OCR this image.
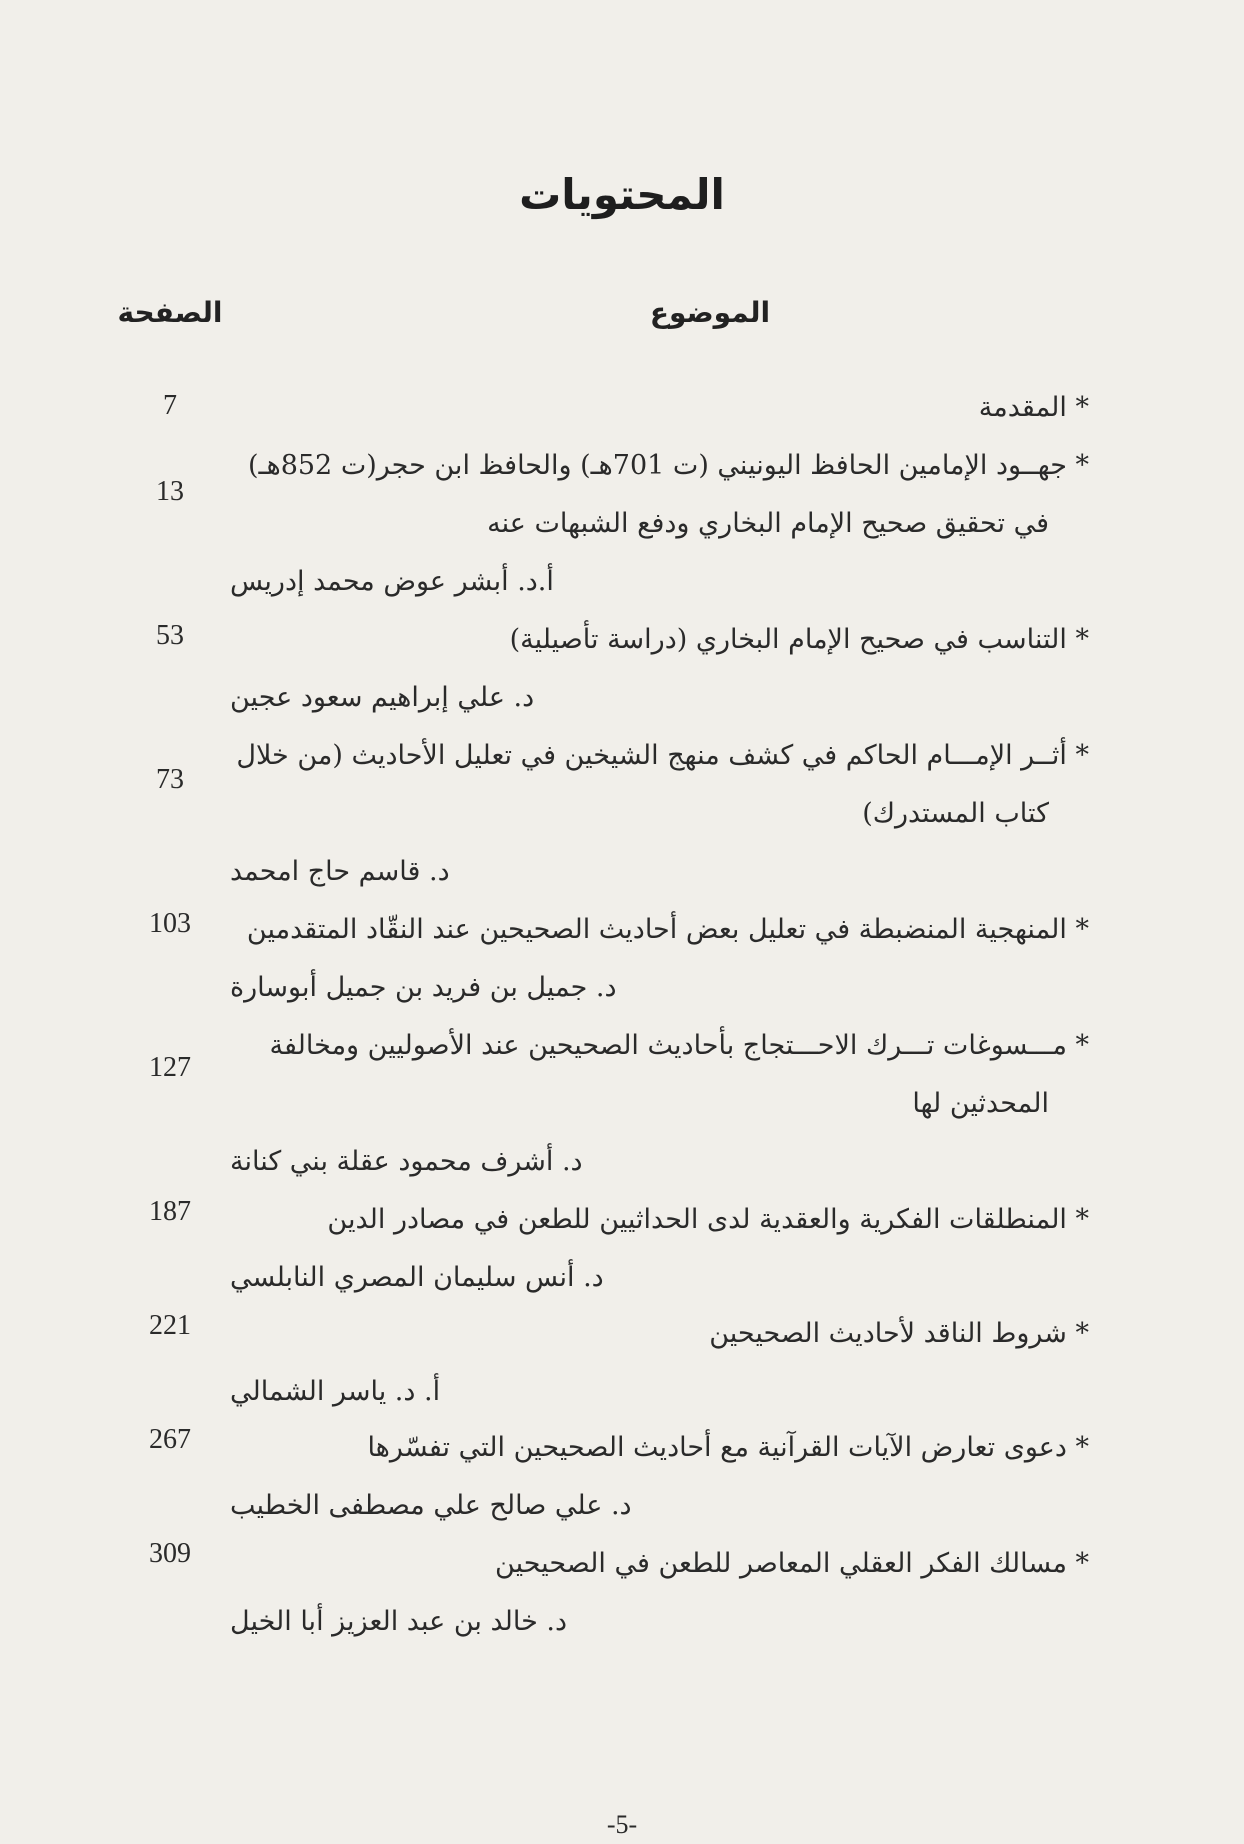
المحتويات
الموضوع
الصفحة
* المقدمة
7
* جهــود الإمامين الحافظ اليونيني (ت 701هـ) والحافظ ابن حجر(ت 852هـ)
في تحقيق صحيح الإمام البخاري ودفع الشبهات عنه
أ.د. أبشر عوض محمد إدريس
13
* التناسب في صحيح الإمام البخاري (دراسة تأصيلية)
د. علي إبراهيم سعود عجين
53
* أثــر الإمـــام الحاكم في كشف منهج الشيخين في تعليل الأحاديث (من خلال
كتاب المستدرك)
د. قاسم حاج امحمد
73
* المنهجية المنضبطة في تعليل بعض أحاديث الصحيحين عند النقّاد المتقدمين
د. جميل بن فريد بن جميل أبوسارة
103
* مـــسوغات تـــرك الاحـــتجاج بأحاديث الصحيحين عند الأصوليين ومخالفة
المحدثين لها
د. أشرف محمود عقلة بني كنانة
127
* المنطلقات الفكرية والعقدية لدى الحداثيين للطعن في مصادر الدين
د. أنس سليمان المصري النابلسي
187
* شروط الناقد لأحاديث الصحيحين
أ. د. ياسر الشمالي
221
* دعوى تعارض الآيات القرآنية مع أحاديث الصحيحين التي تفسّرها
د. علي صالح علي مصطفى الخطيب
267
* مسالك الفكر العقلي المعاصر للطعن في الصحيحين
د. خالد بن عبد العزيز أبا الخيل
309
-5-
